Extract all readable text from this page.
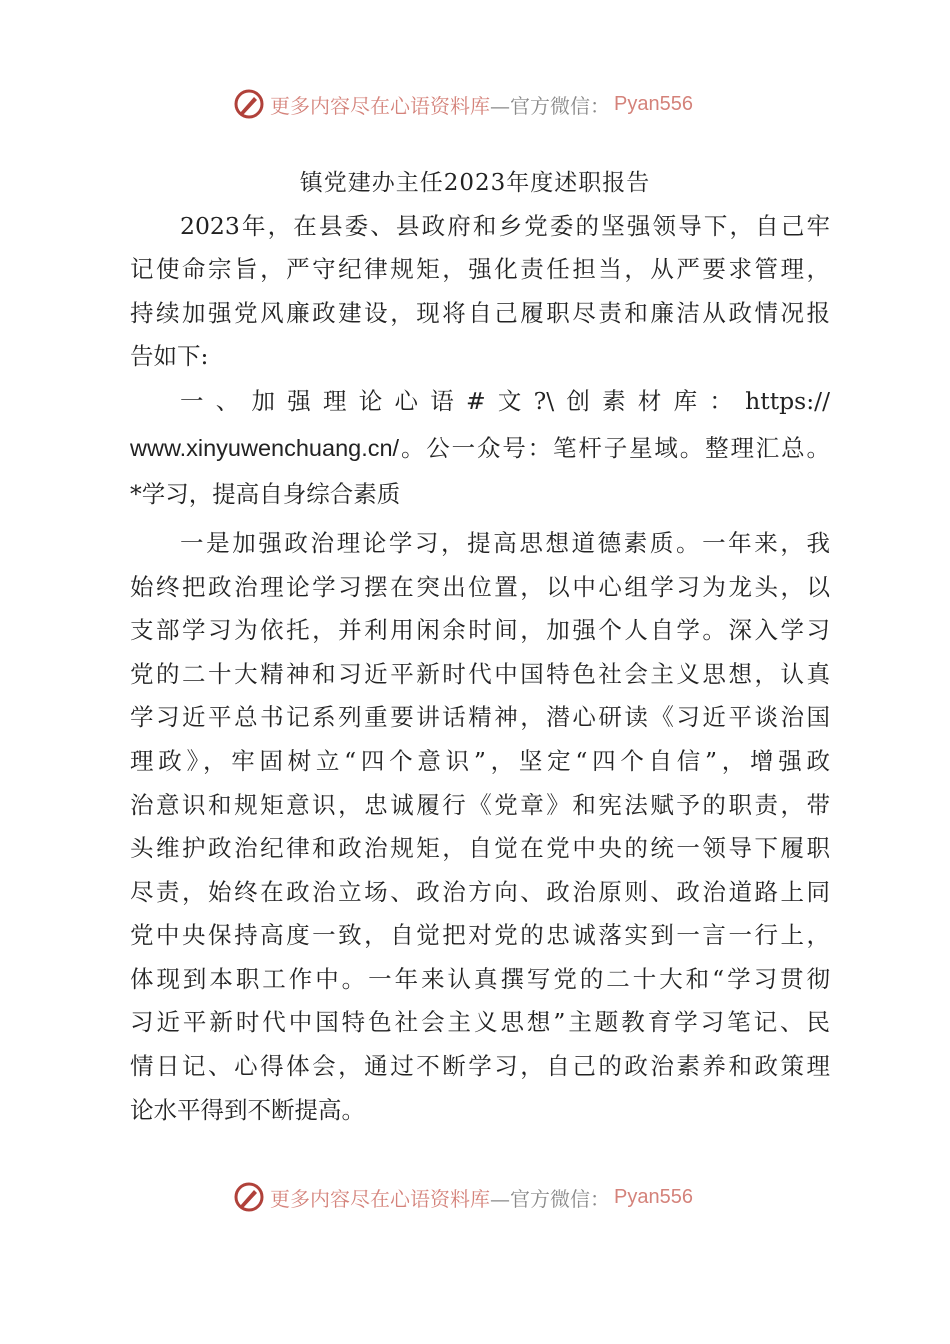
更多内容尽在心语资料库 —官方微信： Pyan556
镇党建办主任2023年度述职报告
2023年，在县委、县政府和乡党委的坚强领导下，自己牢
记使命宗旨，严守纪律规矩，强化责任担当，从严要求管理，
持续加强党风廉政建设，现将自己履职尽责和廉洁从政情况报
告如下:
一、加强理论心语#文?\创素材库：https://
www.xinyuwenchuang.cn/。公一众号：笔杆子星域。整理汇总。
*学习，提高自身综合素质
一是加强政治理论学习，提高思想道德素质。一年来，我
始终把政治理论学习摆在突出位置，以中心组学习为龙头，以
支部学习为依托，并利用闲余时间，加强个人自学。深入学习
党的二十大精神和习近平新时代中国特色社会主义思想，认真
学习近平总书记系列重要讲话精神，潜心研读《习近平谈治国
理政》，牢固树立“四个意识”，坚定“四个自信”，增强政
治意识和规矩意识，忠诚履行《党章》和宪法赋予的职责，带
头维护政治纪律和政治规矩，自觉在党中央的统一领导下履职
尽责，始终在政治立场、政治方向、政治原则、政治道路上同
党中央保持高度一致，自觉把对党的忠诚落实到一言一行上，
体现到本职工作中。一年来认真撰写党的二十大和“学习贯彻
习近平新时代中国特色社会主义思想”主题教育学习笔记、民
情日记、心得体会，通过不断学习，自己的政治素养和政策理
论水平得到不断提高。
更多内容尽在心语资料库 —官方微信： Pyan556
